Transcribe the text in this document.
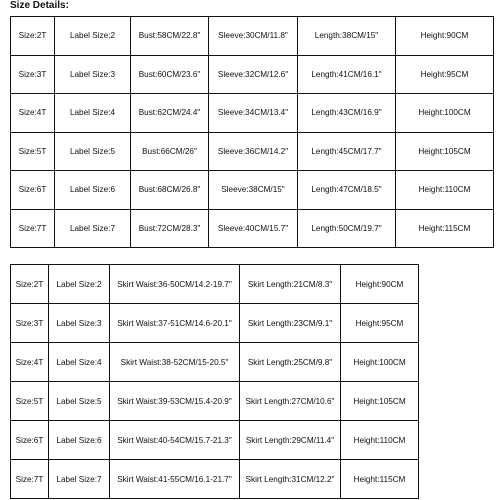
Size Details:
Size:2T	Label Size:2	Bust:58CM/22.8"	Sleeve:30CM/11.8"	Length:38CM/15"	Height:90CM
Size:3T	Label Size:3	Bust:60CM/23.6"	Sleeve:32CM/12.6"	Length:41CM/16.1"	Height:95CM
Size:4T	Label Size:4	Bust:62CM/24.4"	Sleeve:34CM/13.4"	Length:43CM/16.9"	Height:100CM
Size:5T	Label Size:5	Bust:66CM/26"	Sleeve:36CM/14.2"	Length:45CM/17.7"	Height:105CM
Size:6T	Label Size:6	Bust:68CM/26.8"	Sleeve:38CM/15"	Length:47CM/18.5"	Height:110CM
Size:7T	Label Size:7	Bust:72CM/28.3"	Sleeve:40CM/15.7"	Length:50CM/19.7"	Height:115CM
Size:2T	Label Size:2	Skirt Waist:36-50CM/14.2-19.7"	Skirt Length:21CM/8.3"	Height:90CM
Size:3T	Label Size:3	Skirt Waist:37-51CM/14.6-20.1"	Skirt Length:23CM/9.1"	Height:95CM
Size:4T	Label Size:4	Skirt Waist:38-52CM/15-20.5"	Skirt Length:25CM/9.8"	Height:100CM
Size:5T	Label Size:5	Skirt Waist:39-53CM/15.4-20.9"	Skirt Length:27CM/10.6"	Height:105CM
Size:6T	Label Size:6	Skirt Waist:40-54CM/15.7-21.3"	Skirt Length:29CM/11.4"	Height:110CM
Size:7T	Label Size:7	Skirt Waist:41-55CM/16.1-21.7"	Skirt Length:31CM/12.2"	Height:115CM
